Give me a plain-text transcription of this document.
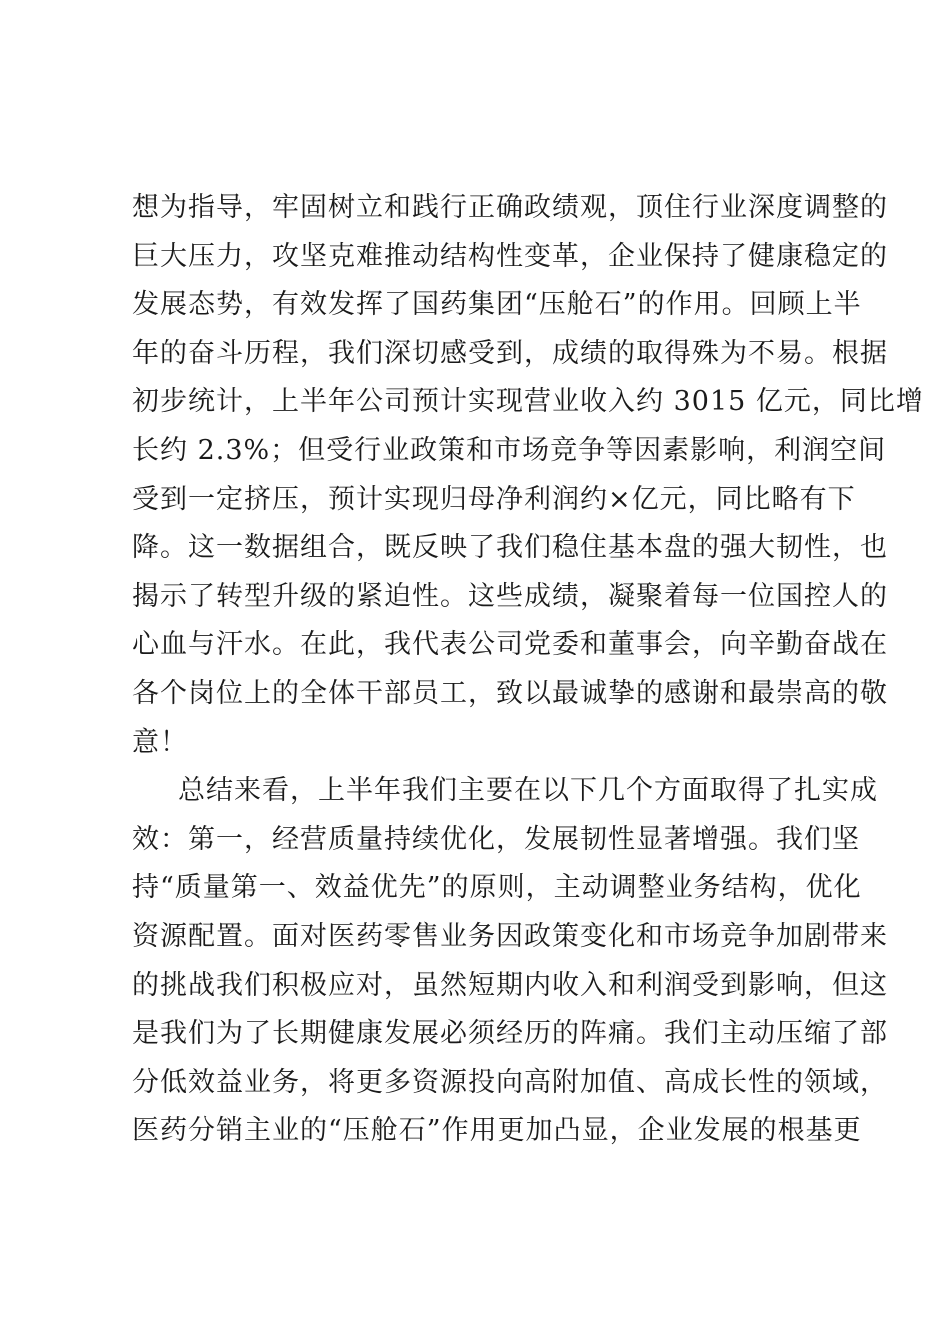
想为指导，牢固树立和践行正确政绩观，顶住行业深度调整的
巨大压力，攻坚克难推动结构性变革，企业保持了健康稳定的
发展态势，有效发挥了国药集团“压舱石”的作用。回顾上半
年的奋斗历程，我们深切感受到，成绩的取得殊为不易。根据
初步统计，上半年公司预计实现营业收入约 3015 亿元，同比增
长约 2.3%；但受行业政策和市场竞争等因素影响，利润空间
受到一定挤压，预计实现归母净利润约×亿元，同比略有下
降。这一数据组合，既反映了我们稳住基本盘的强大韧性，也
揭示了转型升级的紧迫性。这些成绩，凝聚着每一位国控人的
心血与汗水。在此，我代表公司党委和董事会，向辛勤奋战在
各个岗位上的全体干部员工，致以最诚挚的感谢和最崇高的敬
意！
总结来看，上半年我们主要在以下几个方面取得了扎实成
效：第一，经营质量持续优化，发展韧性显著增强。我们坚
持“质量第一、效益优先”的原则，主动调整业务结构，优化
资源配置。面对医药零售业务因政策变化和市场竞争加剧带来
的挑战我们积极应对，虽然短期内收入和利润受到影响，但这
是我们为了长期健康发展必须经历的阵痛。我们主动压缩了部
分低效益业务，将更多资源投向高附加值、高成长性的领域，
医药分销主业的“压舱石”作用更加凸显，企业发展的根基更
